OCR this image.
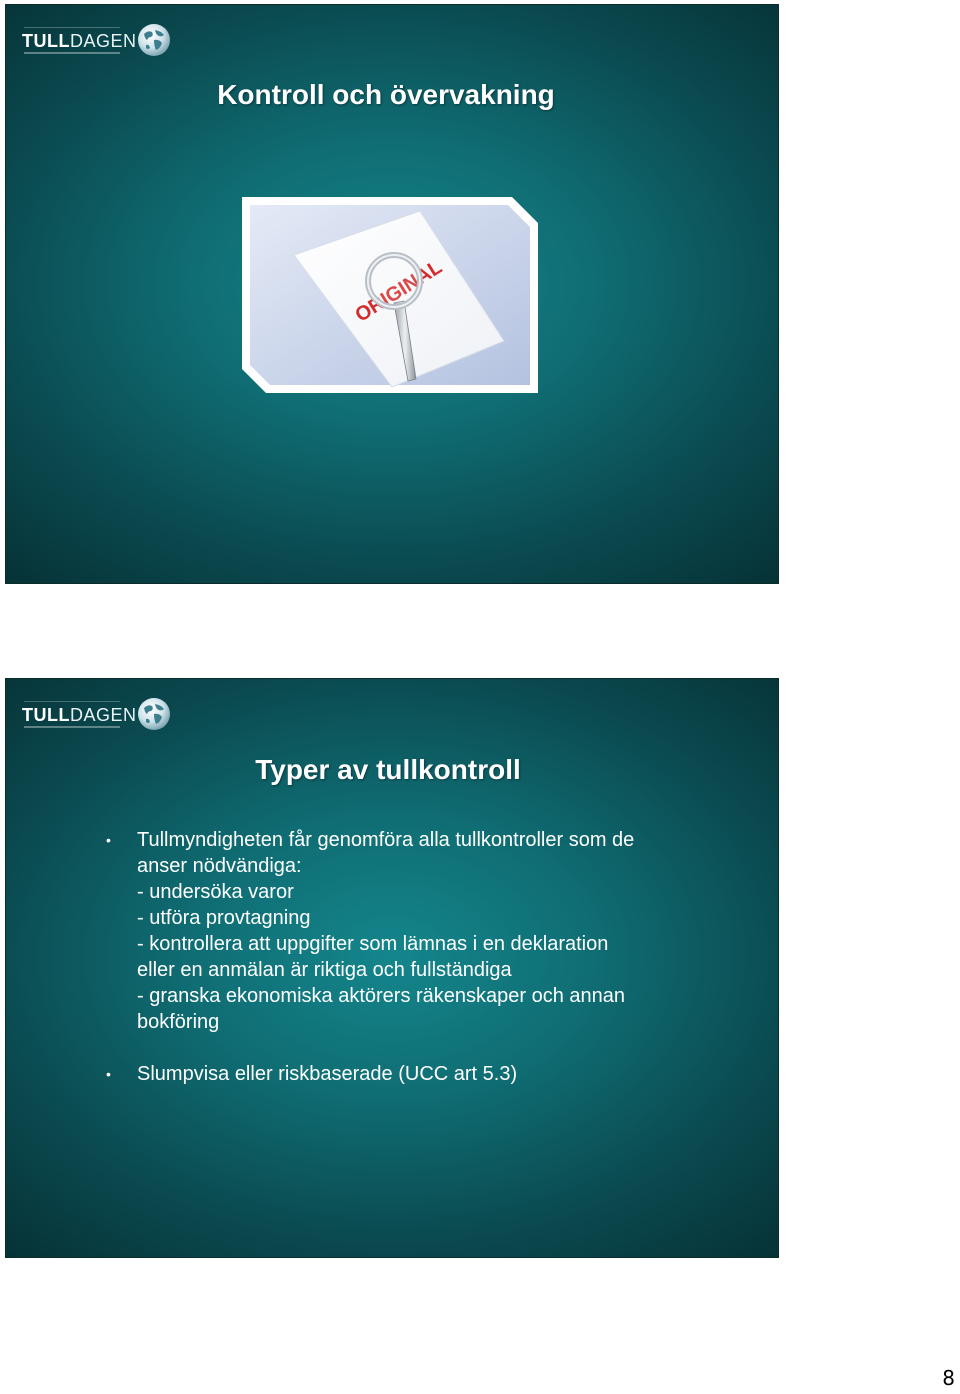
TULLDAGEN
Kontroll och övervakning
TULLDAGEN
Typer av tullkontroll
• Tullmyndigheten får genomföra alla tullkontroller som de
anser nödvändiga:
- undersöka varor
- utföra provtagning
- kontrollera att uppgifter som lämnas i en deklaration
eller en anmälan är riktiga och fullständiga
- granska ekonomiska aktörers räkenskaper och annan
bokföring
• Slumpvisa eller riskbaserade (UCC art 5.3)
8
